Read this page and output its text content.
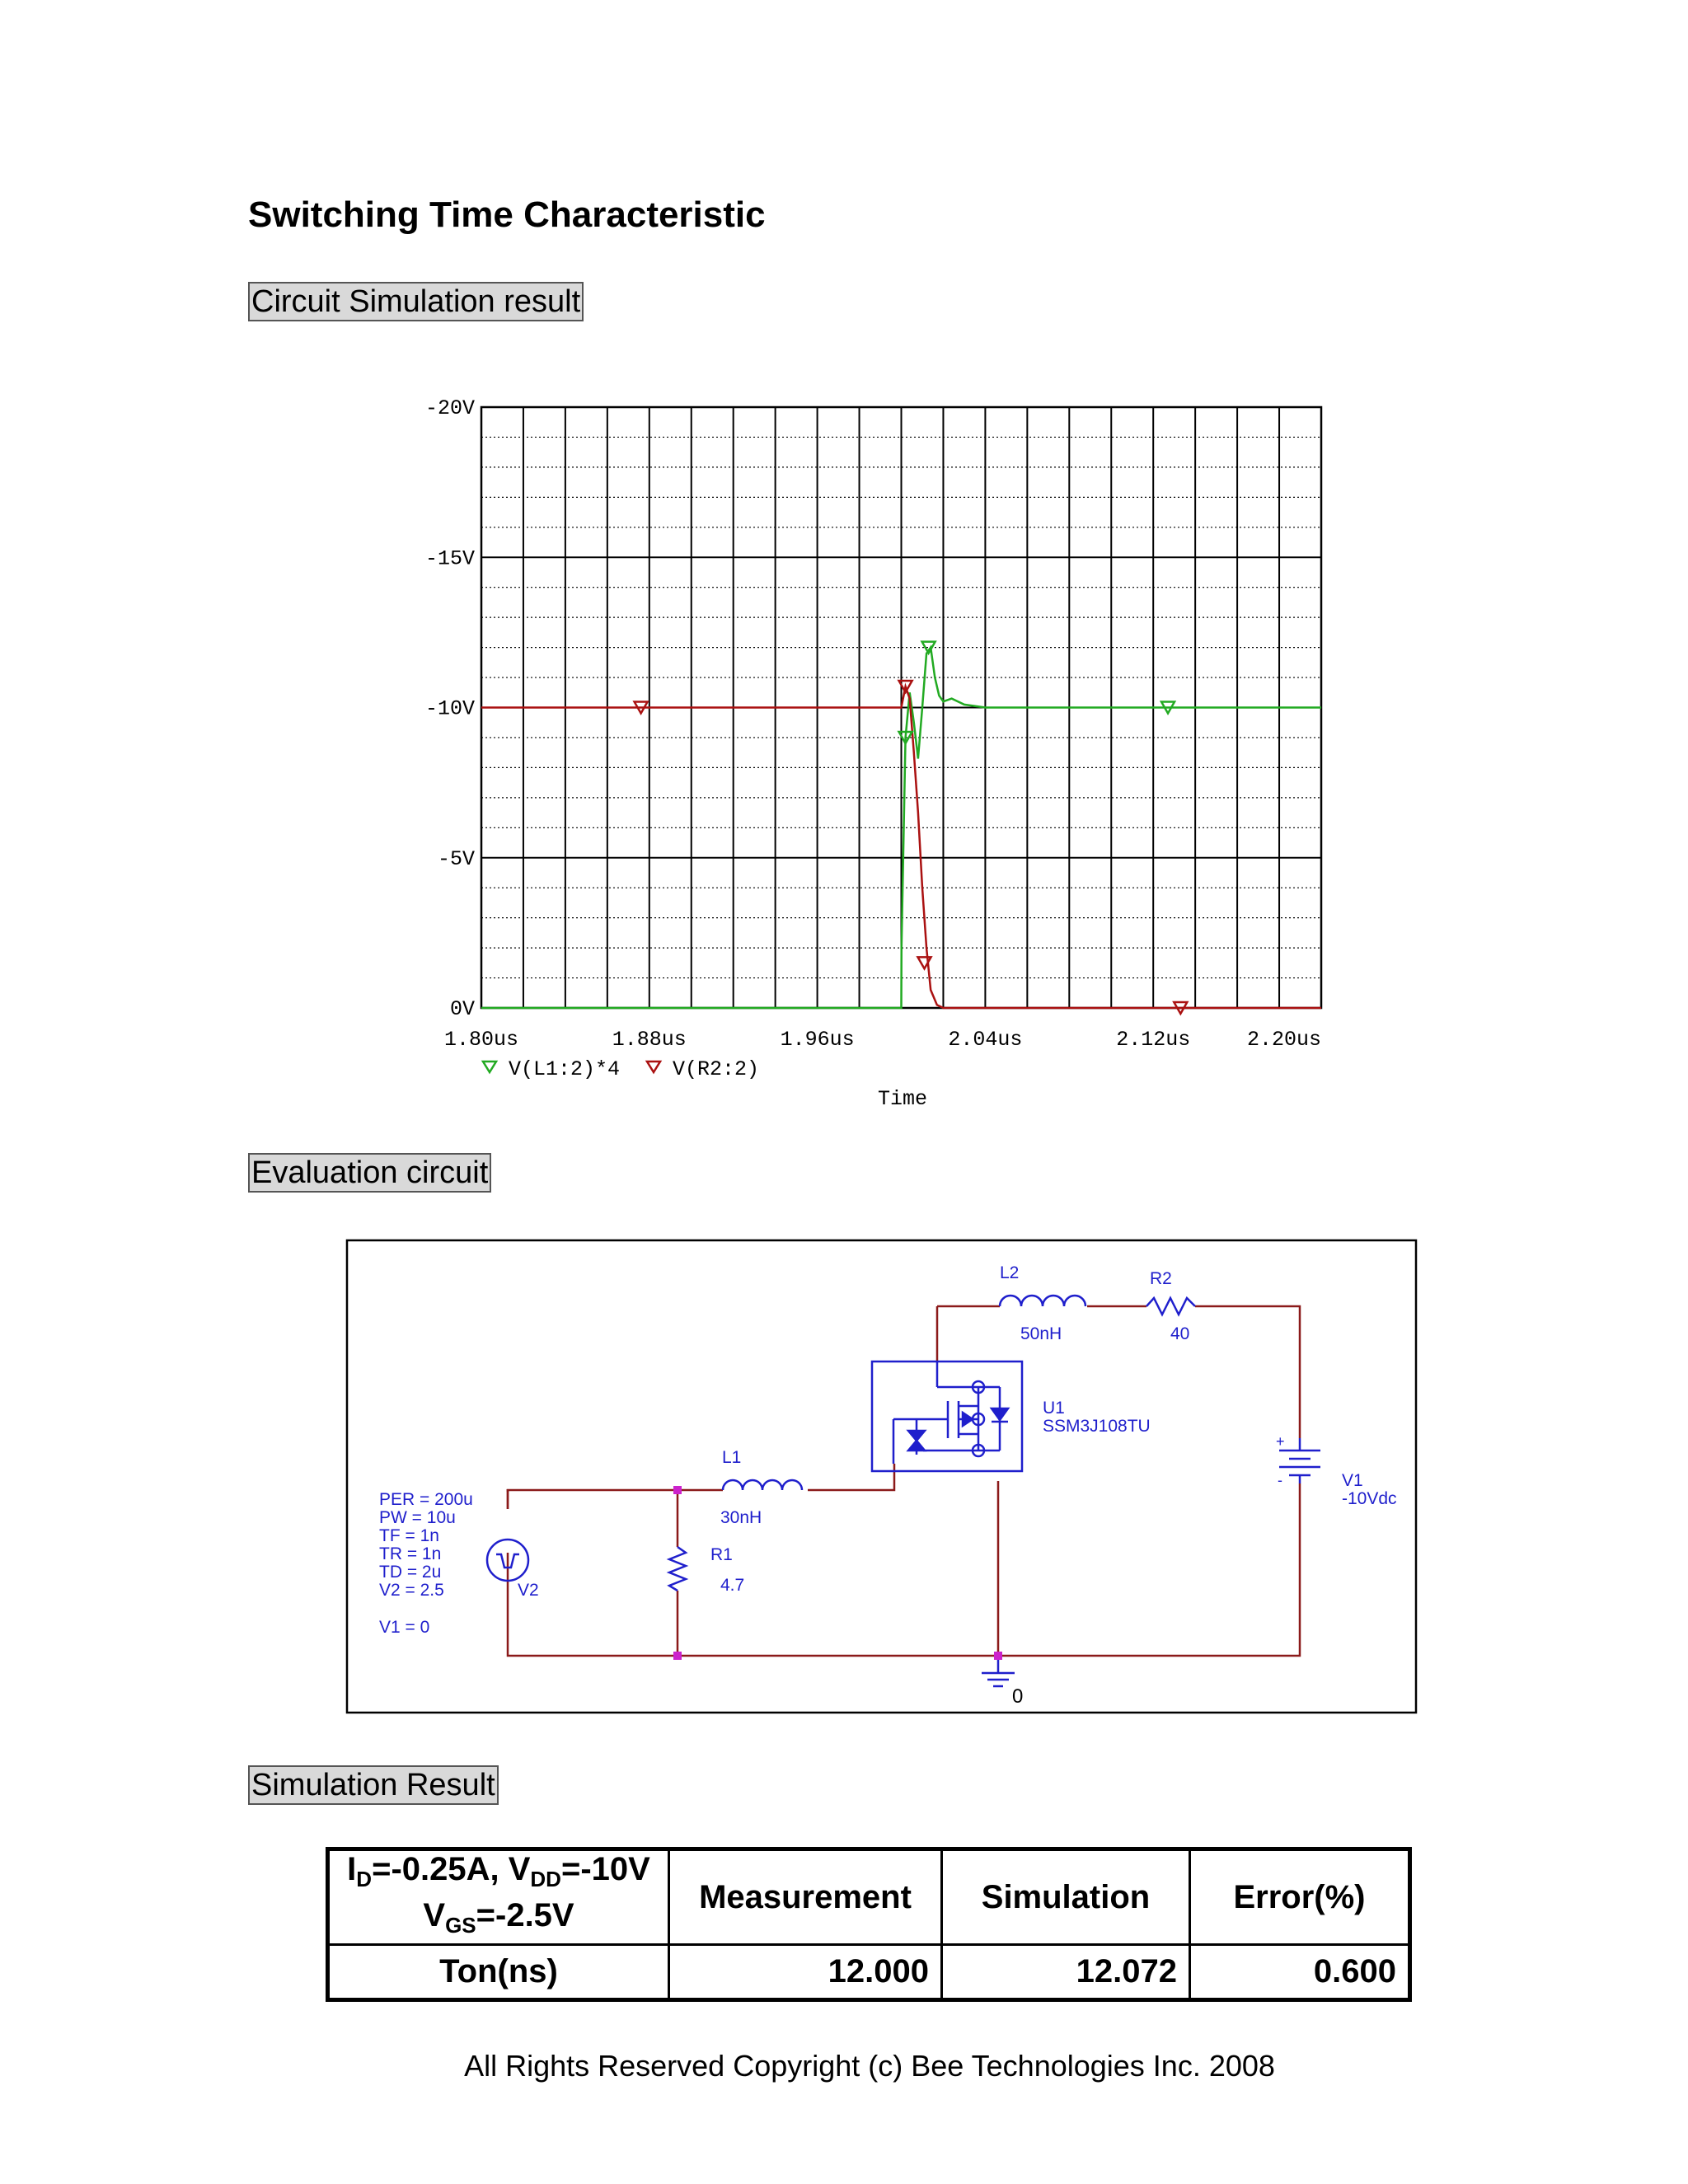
Switching Time Characteristic
Circuit Simulation result
-20V
-15V
-10V
-5V
0V
1.80us	1.88us	1.96us	2.04us	2.12us	2.20us
V(L1:2)*4	V(R2:2)
Time
Evaluation circuit
+
-
PER = 200u
PW = 10u
TF = 1n
TR = 1n
TD = 2u
V2 = 2.5
V1 = 0
V2
L1
30nH
R1
4.7
L2
50nH
R2
40
U1
SSM3J108TU
V1
-10Vdc
0
Simulation Result
$I_D=-0.25A$, $V_{DD}=-10V$
$V_{GS}=-2.5V$	Measurement	Simulation	Error(%)
Ton(ns)	12.000	12.072	0.600
All Rights Reserved Copyright (c) Bee Technologies Inc. 2008
